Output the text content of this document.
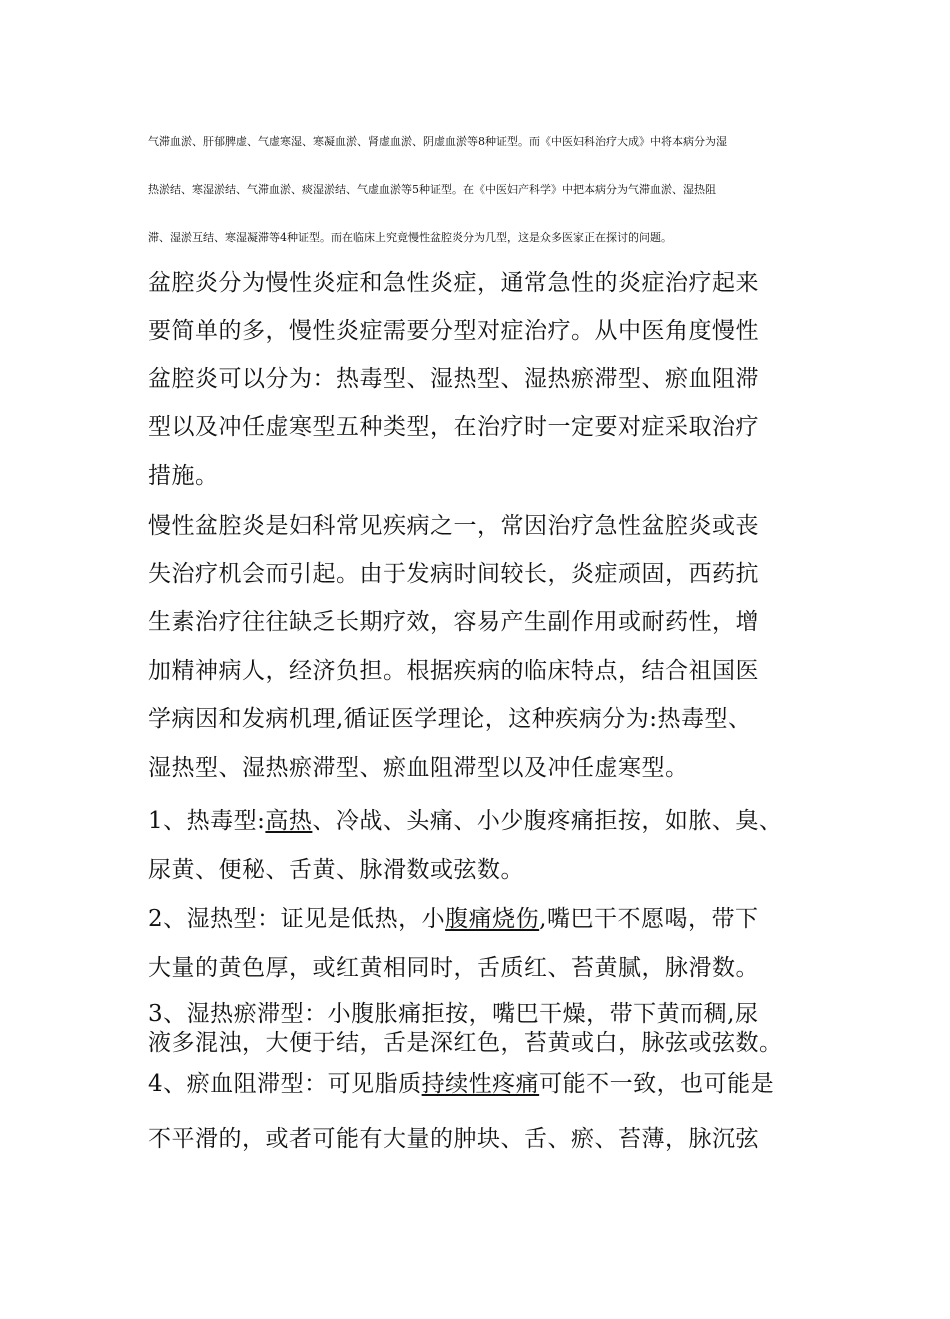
气滞血淤、肝郁脾虚、气虚寒湿、寒凝血淤、肾虚血淤、阴虚血淤等8种证型。而《中医妇科治疗大成》中将本病分为湿
热淤结、寒湿淤结、气滞血淤、痰湿淤结、气虚血淤等5种证型。在《中医妇产科学》中把本病分为气滞血淤、湿热阻
滞、湿淤互结、寒湿凝滞等4种证型。而在临床上究竟慢性盆腔炎分为几型，这是众多医家正在探讨的问题。
盆腔炎分为慢性炎症和急性炎症，通常急性的炎症治疗起来
要简单的多，慢性炎症需要分型对症治疗。从中医角度慢性
盆腔炎可以分为：热毒型、湿热型、湿热瘀滞型、瘀血阻滞
型以及冲任虚寒型五种类型，在治疗时一定要对症采取治疗
措施。
慢性盆腔炎是妇科常见疾病之一，常因治疗急性盆腔炎或丧
失治疗机会而引起。由于发病时间较长，炎症顽固，西药抗
生素治疗往往缺乏长期疗效，容易产生副作用或耐药性，增
加精神病人，经济负担。根据疾病的临床特点，结合祖国医
学病因和发病机理,循证医学理论，这种疾病分为:热毒型、
湿热型、湿热瘀滞型、瘀血阻滞型以及冲任虚寒型。
1、热毒型:高热、冷战、头痛、小少腹疼痛拒按，如脓、臭、
尿黄、便秘、舌黄、脉滑数或弦数。
2、湿热型：证见是低热，小腹痛烧伤,嘴巴干不愿喝，带下
大量的黄色厚，或红黄相同时，舌质红、苔黄腻，脉滑数。
3、湿热瘀滞型：小腹胀痛拒按，嘴巴干燥，带下黄而稠,尿
液多混浊，大便于结，舌是深红色，苔黄或白，脉弦或弦数。
4、瘀血阻滞型：可见脂质持续性疼痛可能不一致，也可能是
不平滑的，或者可能有大量的肿块、舌、瘀、苔薄，脉沉弦
